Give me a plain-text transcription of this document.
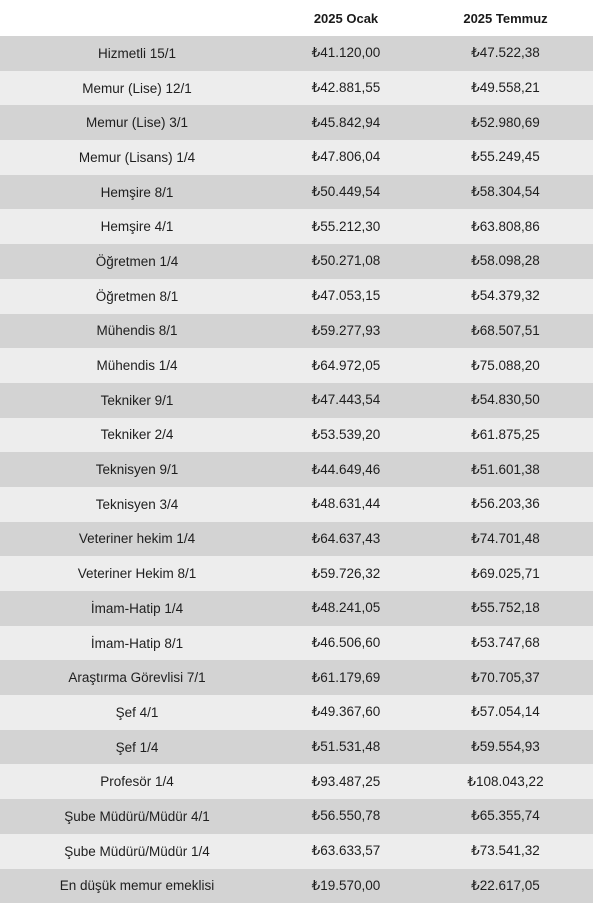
	2025 Ocak	2025 Temmuz
Hizmetli 15/1	₺41.120,00	₺47.522,38
Memur (Lise) 12/1	₺42.881,55	₺49.558,21
Memur (Lise) 3/1	₺45.842,94	₺52.980,69
Memur (Lisans) 1/4	₺47.806,04	₺55.249,45
Hemşire 8/1	₺50.449,54	₺58.304,54
Hemşire 4/1	₺55.212,30	₺63.808,86
Öğretmen 1/4	₺50.271,08	₺58.098,28
Öğretmen 8/1	₺47.053,15	₺54.379,32
Mühendis 8/1	₺59.277,93	₺68.507,51
Mühendis 1/4	₺64.972,05	₺75.088,20
Tekniker 9/1	₺47.443,54	₺54.830,50
Tekniker 2/4	₺53.539,20	₺61.875,25
Teknisyen 9/1	₺44.649,46	₺51.601,38
Teknisyen 3/4	₺48.631,44	₺56.203,36
Veteriner hekim 1/4	₺64.637,43	₺74.701,48
Veteriner Hekim 8/1	₺59.726,32	₺69.025,71
İmam-Hatip 1/4	₺48.241,05	₺55.752,18
İmam-Hatip 8/1	₺46.506,60	₺53.747,68
Araştırma Görevlisi 7/1	₺61.179,69	₺70.705,37
Şef 4/1	₺49.367,60	₺57.054,14
Şef 1/4	₺51.531,48	₺59.554,93
Profesör 1/4	₺93.487,25	₺108.043,22
Şube Müdürü/Müdür 4/1	₺56.550,78	₺65.355,74
Şube Müdürü/Müdür 1/4	₺63.633,57	₺73.541,32
En düşük memur emeklisi	₺19.570,00	₺22.617,05
